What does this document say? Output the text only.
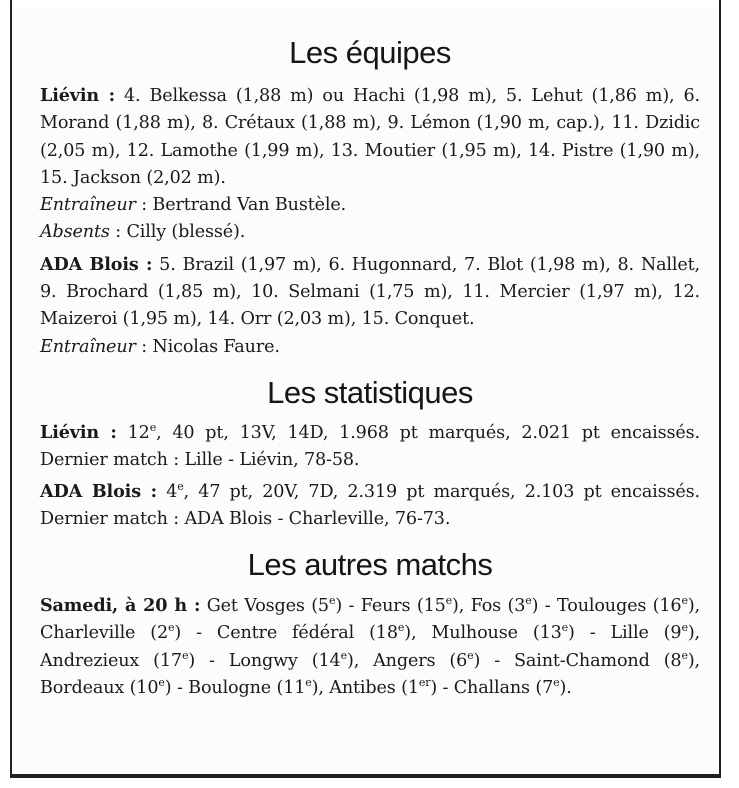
Les équipes

Liévin : 4. Belkessa (1,88 m) ou Hachi (1,98 m), 5. Lehut (1,86 m), 6. Morand (1,88 m), 8. Crétaux (1,88 m), 9. Lémon (1,90 m, cap.), 11. Dzidic (2,05 m), 12. Lamothe (1,99 m), 13. Moutier (1,95 m), 14. Pistre (1,90 m), 15. Jackson (2,02 m).

Entraîneur : Bertrand Van Bustèle.

Absents : Cilly (blessé).

ADA Blois : 5. Brazil (1,97 m), 6. Hugonnard, 7. Blot (1,98 m), 8. Nallet, 9. Brochard (1,85 m), 10. Selmani (1,75 m), 11. Mercier (1,97 m), 12. Maizeroi (1,95 m), 14. Orr (2,03 m), 15. Conquet.

Entraîneur : Nicolas Faure.

Les statistiques

Liévin : 12e, 40 pt, 13V, 14D, 1.968 pt marqués, 2.021 pt encaissés. Dernier match : Lille - Liévin, 78-58.

ADA Blois : 4e, 47 pt, 20V, 7D, 2.319 pt marqués, 2.103 pt encaissés. Dernier match : ADA Blois - Charleville, 76-73.

Les autres matchs

Samedi, à 20 h : Get Vosges (5e) - Feurs (15e), Fos (3e) - Toulouges (16e), Charleville (2e) - Centre fédéral (18e), Mulhouse (13e) - Lille (9e), Andrezieux (17e) - Longwy (14e), Angers (6e) - Saint-Chamond (8e), Bordeaux (10e) - Boulogne (11e), Antibes (1er) - Challans (7e).
